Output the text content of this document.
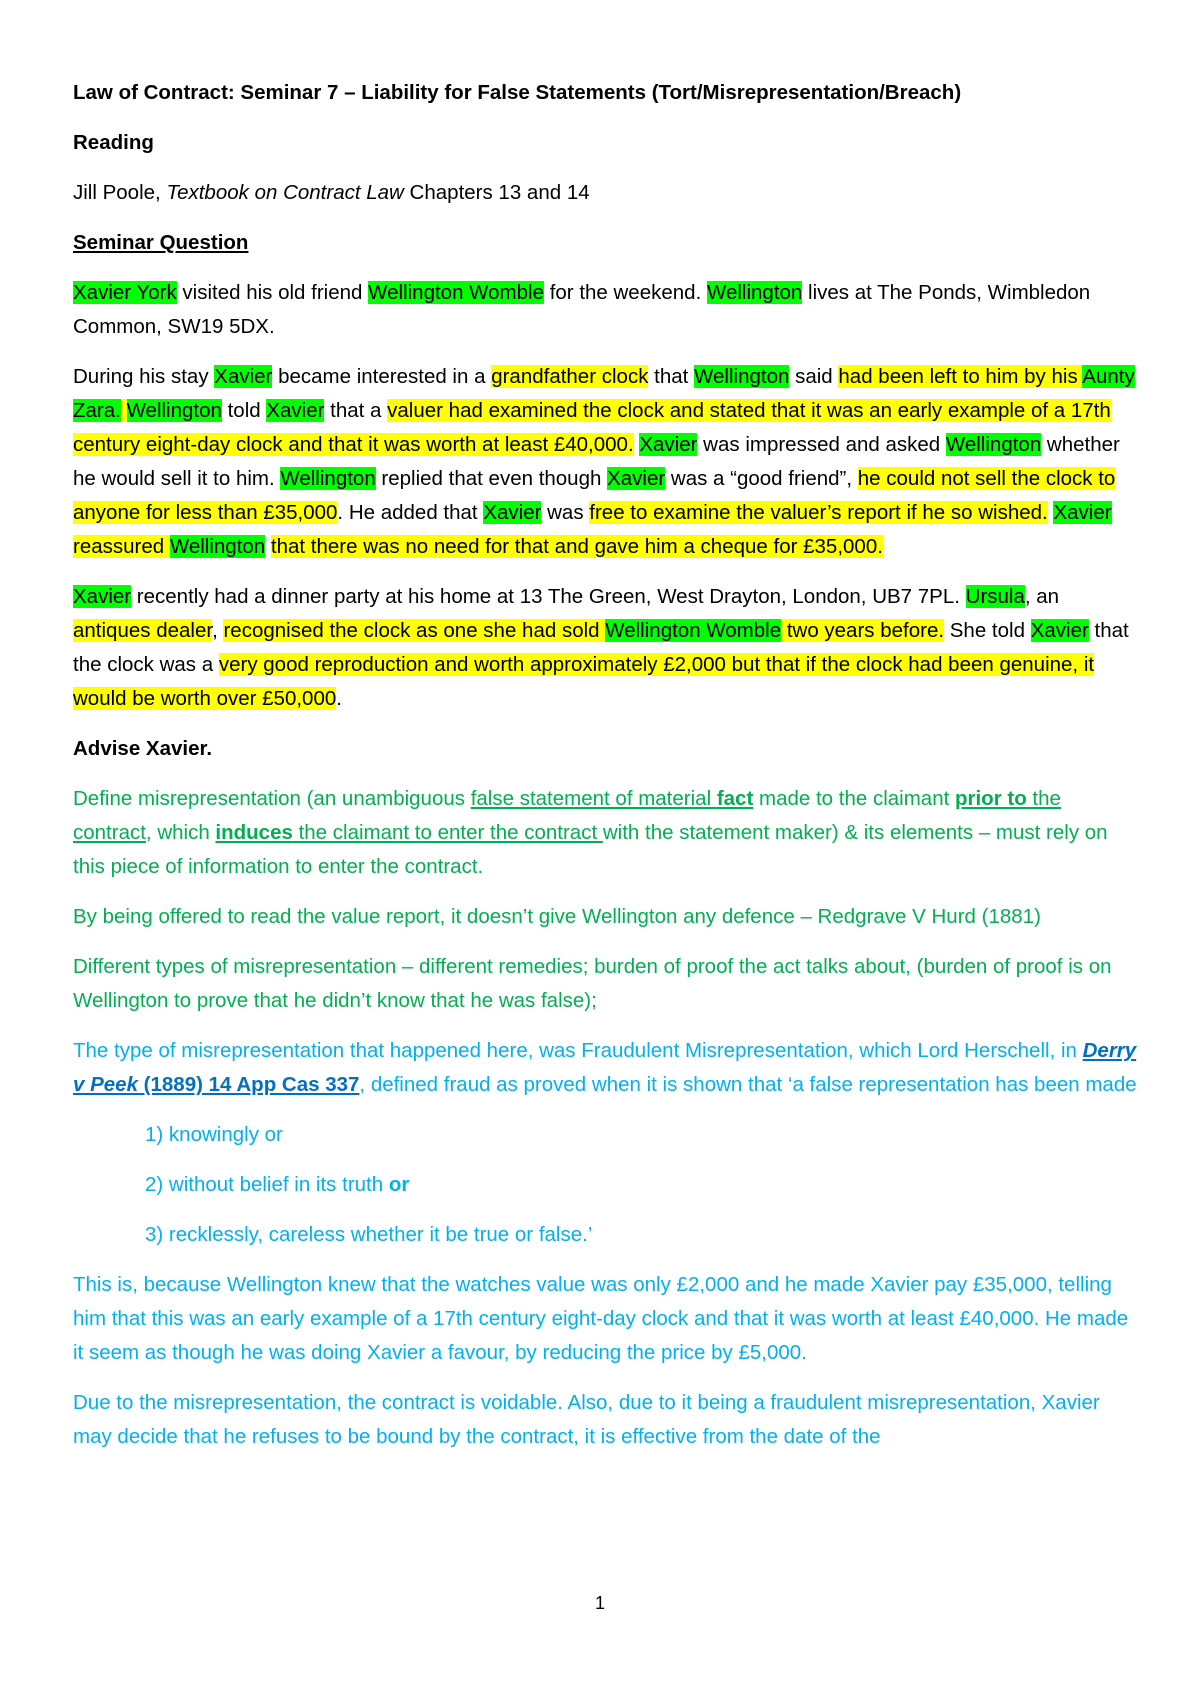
Law of Contract: Seminar 7 – Liability for False Statements (Tort/Misrepresentation/Breach)

Reading

Jill Poole, Textbook on Contract Law Chapters 13 and 14

Seminar Question

Xavier York visited his old friend Wellington Womble for the weekend. Wellington lives at The Ponds, Wimbledon Common, SW19 5DX.

During his stay Xavier became interested in a grandfather clock that Wellington said had been left to him by his Aunty Zara. Wellington told Xavier that a valuer had examined the clock and stated that it was an early example of a 17th century eight-day clock and that it was worth at least £40,000. Xavier was impressed and asked Wellington whether he would sell it to him. Wellington replied that even though Xavier was a “good friend”, he could not sell the clock to anyone for less than £35,000. He added that Xavier was free to examine the valuer’s report if he so wished. Xavier reassured Wellington that there was no need for that and gave him a cheque for £35,000.

Xavier recently had a dinner party at his home at 13 The Green, West Drayton, London, UB7 7PL. Ursula, an antiques dealer, recognised the clock as one she had sold Wellington Womble two years before. She told Xavier that the clock was a very good reproduction and worth approximately £2,000 but that if the clock had been genuine, it would be worth over £50,000.

Advise Xavier.

Define misrepresentation (an unambiguous false statement of material fact made to the claimant prior to the contract, which induces the claimant to enter the contract with the statement maker) & its elements – must rely on this piece of information to enter the contract.

By being offered to read the value report, it doesn’t give Wellington any defence – Redgrave V Hurd (1881)

Different types of misrepresentation – different remedies; burden of proof the act talks about, (burden of proof is on Wellington to prove that he didn’t know that he was false);

The type of misrepresentation that happened here, was Fraudulent Misrepresentation, which Lord Herschell, in Derry v Peek (1889) 14 App Cas 337, defined fraud as proved when it is shown that ‘a false representation has been made

1) knowingly or

2) without belief in its truth or

3) recklessly, careless whether it be true or false.’

This is, because Wellington knew that the watches value was only £2,000 and he made Xavier pay £35,000, telling him that this was an early example of a 17th century eight-day clock and that it was worth at least £40,000. He made it seem as though he was doing Xavier a favour, by reducing the price by £5,000.

Due to the misrepresentation, the contract is voidable. Also, due to it being a fraudulent misrepresentation, Xavier may decide that he refuses to be bound by the contract, it is effective from the date of the

1
